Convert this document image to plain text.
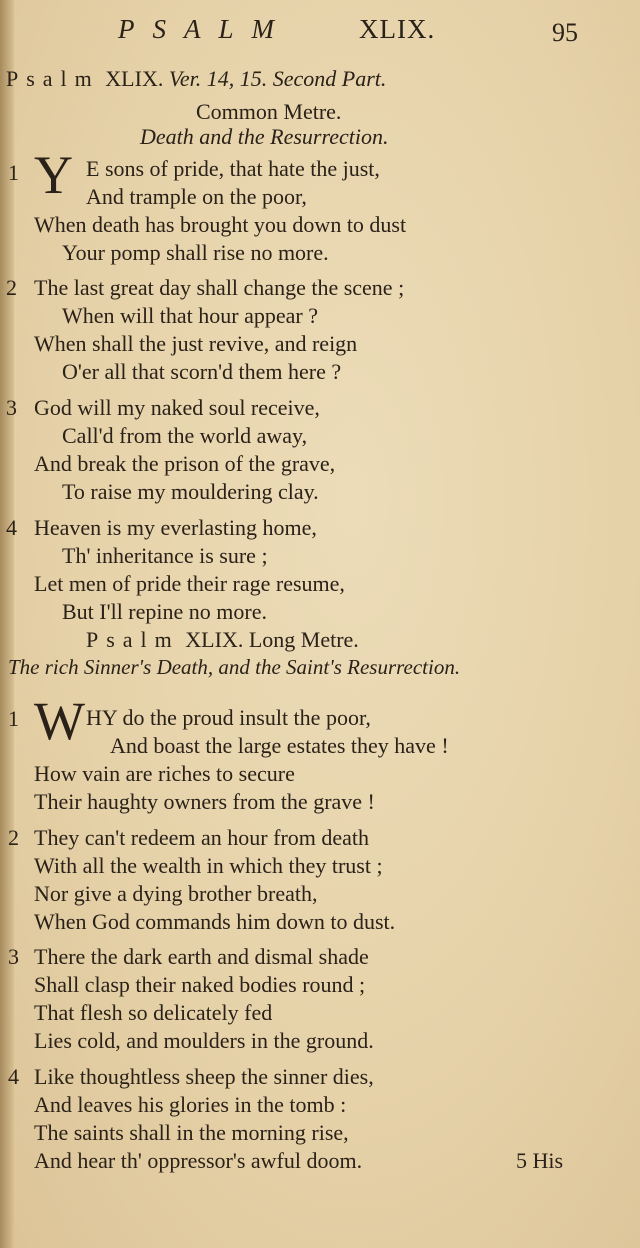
PSALM XLIX.	95
Psalm XLIX. Ver. 14, 15. Second Part.
Common Metre.
Death and the Resurrection.
1 Y E sons of pride, that hate the just,
And trample on the poor,
When death has brought you down to dust
Your pomp shall rise no more.
2 The last great day shall change the scene ;
When will that hour appear ?
When shall the just revive, and reign
O'er all that scorn'd them here ?
3 God will my naked soul receive,
Call'd from the world away,
And break the prison of the grave,
To raise my mouldering clay.
4 Heaven is my everlasting home,
Th' inheritance is sure ;
Let men of pride their rage resume,
But I'll repine no more.
Psalm XLIX. Long Metre.
The rich Sinner's Death, and the Saint's Resurrection.
1 W HY do the proud insult the poor,
And boast the large estates they have !
How vain are riches to secure
Their haughty owners from the grave !
2 They can't redeem an hour from death
With all the wealth in which they trust ;
Nor give a dying brother breath,
When God commands him down to dust.
3 There the dark earth and dismal shade
Shall clasp their naked bodies round ;
That flesh so delicately fed
Lies cold, and moulders in the ground.
4 Like thoughtless sheep the sinner dies,
And leaves his glories in the tomb :
The saints shall in the morning rise,
And hear th' oppressor's awful doom.	5 His
